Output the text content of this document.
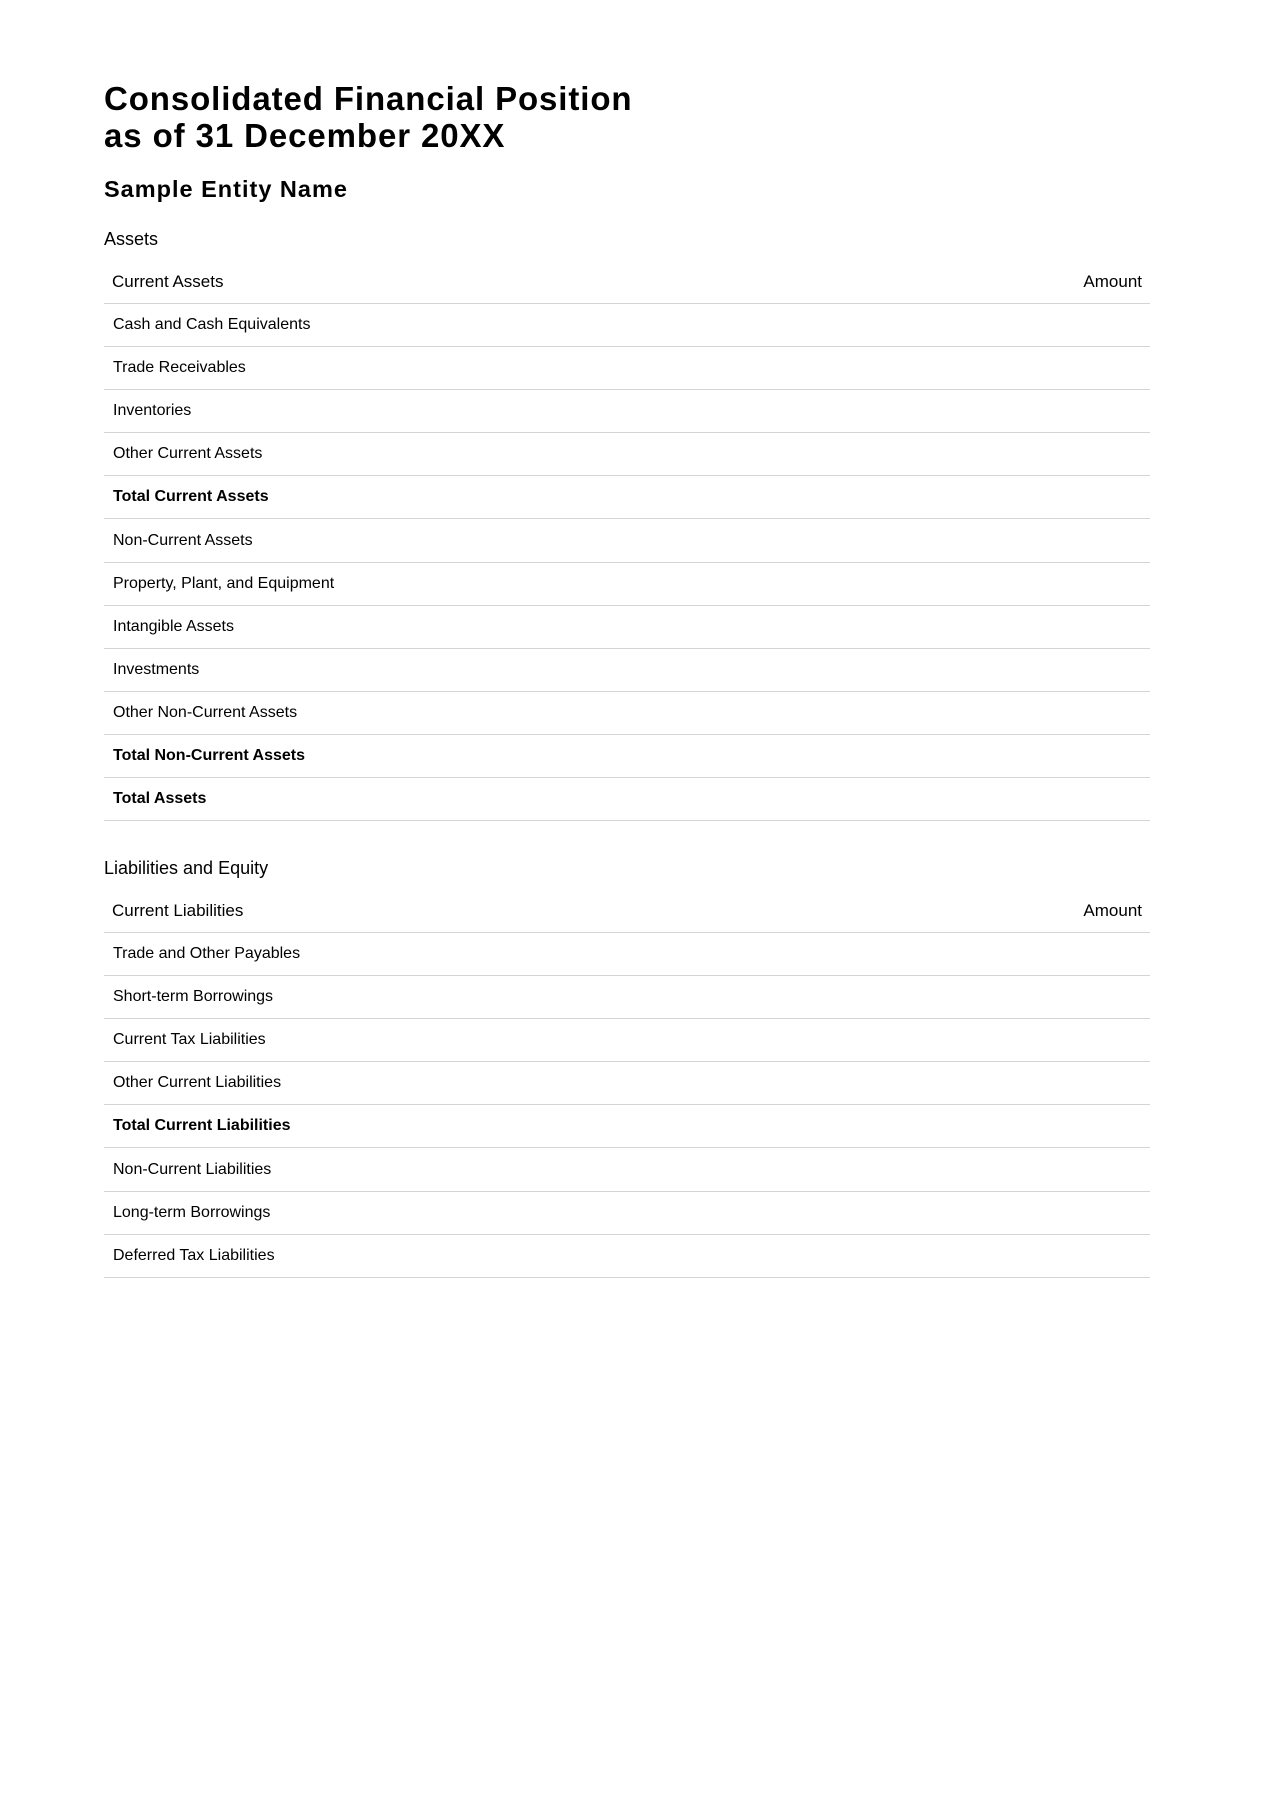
Consolidated Financial Position
as of 31 December 20XX
Sample Entity Name
Assets
Current Assets	Amount
Cash and Cash Equivalents	
Trade Receivables	
Inventories	
Other Current Assets	
Total Current Assets	
Non-Current Assets	
Property, Plant, and Equipment	
Intangible Assets	
Investments	
Other Non-Current Assets	
Total Non-Current Assets	
Total Assets	
Liabilities and Equity
Current Liabilities	Amount
Trade and Other Payables	
Short-term Borrowings	
Current Tax Liabilities	
Other Current Liabilities	
Total Current Liabilities	
Non-Current Liabilities	
Long-term Borrowings	
Deferred Tax Liabilities	
